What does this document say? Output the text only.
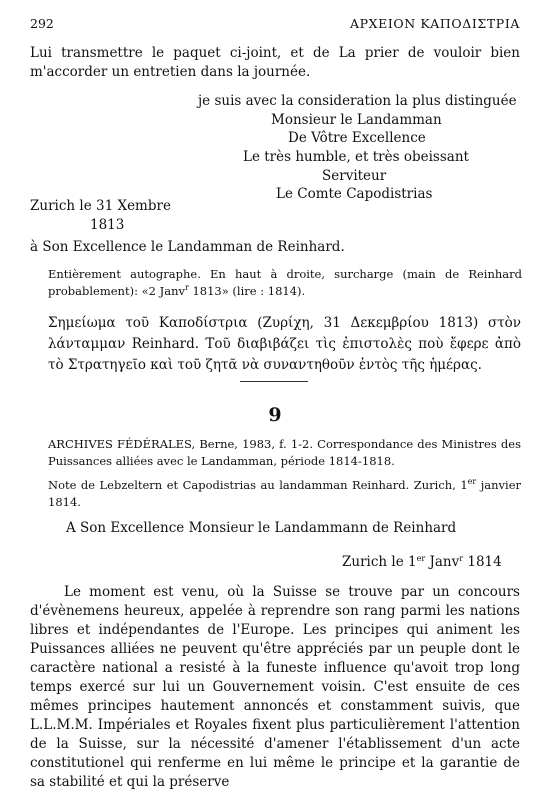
292	ΑΡΧΕΙΟΝ ΚΑΠΟΔΙΣΤΡΙΑ
Lui transmettre le paquet ci-joint, et de La prier de vouloir bien m'accorder un entretien dans la journée.
je suis avec la consideration la plus distinguée
Monsieur le Landamman
De Vôtre Excellence
Le très humble, et très obeissant
Serviteur
Le Comte Capodistrias
Zurich le 31 Xembre
1813
à Son Excellence le Landamman de Reinhard.
Entièrement autographe. En haut à droite, surcharge (main de Reinhard probablement): «2 Janv$^r$ 1813» (lire : 1814).
Σημείωμα τοῦ Καποδίστρια (Ζυρίχη, 31 Δεκεμβρίου 1813) στὸν λάνταμμαν Reinhard. Τοῦ διαβιβάζει τὶς ἐπιστολὲς ποὺ ἔφερε ἀπὸ τὸ Στρατηγεῖο καὶ τοῦ ζητᾶ νὰ συναντηθοῦν ἐντὸς τῆς ἡμέρας.
9
ARCHIVES FÉDÉRALES, Berne, 1983, f. 1-2. Correspondance des Ministres des Puissances alliées avec le Landamman, période 1814-1818.
Note de Lebzeltern et Capodistrias au landamman Reinhard. Zurich, 1er janvier 1814.
A Son Excellence Monsieur le Landammann de Reinhard
Zurich le 1er Janv$^r$ 1814
Le moment est venu, où la Suisse se trouve par un concours d'évènemens heureux, appelée à reprendre son rang parmi les nations libres et indépendantes de l'Europe. Les principes qui animent les Puissances alliées ne peuvent qu'être appréciés par un peuple dont le caractère national a resisté à la funeste influence qu'avoit trop long temps exercé sur lui un Gouvernement voisin. C'est ensuite de ces mêmes principes hautement annoncés et constamment suivis, que L.L.M.M. Impériales et Royales fixent plus particulièrement l'attention de la Suisse, sur la nécessité d'amener l'établissement d'un acte constitutionel qui renferme en lui même le principe et la garantie de sa stabilité et qui la préserve
